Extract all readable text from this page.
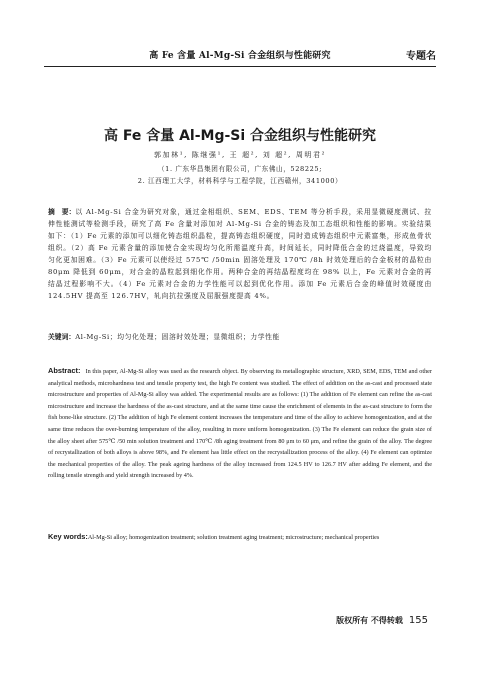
高 Fe 含量 Al-Mg-Si 合金组织与性能研究	专题名
高 Fe 含量 Al-Mg-Si 合金组织与性能研究
郭加林¹, 陈继强¹, 王 超², 刘 超², 周明君²
（1. 广东华昌集团有限公司，广东佛山，528225;
2. 江西理工大学，材料科学与工程学院，江西赣州，341000）
摘　要：以 Al-Mg-Si 合金为研究对象，通过金相组织、SEM、EDS、TEM 等分析手段，采用显微硬度测试、拉伸性能测试等检测手段，研究了高 Fe 含量对添加对 Al-Mg-Si 合金的铸态及加工态组织和性能的影响。实验结果如下：（1）Fe 元素的添加可以细化铸态组织晶粒，提高铸态组织硬度，同时造成铸态组织中元素富集，形成鱼骨状组织。（2）高 Fe 元素含量的添加使合金实现均匀化所需温度升高，时间延长，同时降低合金的过烧温度，导致均匀化更加困难。（3）Fe 元素可以使经过 575℃ /50min 固溶处理及 170℃ /8h 时效处理后的合金板材的晶粒由 80μm 降低到 60μm，对合金的晶粒起到细化作用。两种合金的再结晶程度均在 98% 以上，Fe 元素对合金的再结晶过程影响不大。（4）Fe 元素对合金的力学性能可以起到优化作用。添加 Fe 元素后合金的峰值时效硬度由 124.5HV 提高至 126.7HV，轧向抗拉强度及屈服强度提高 4%。
关键词：Al-Mg-Si；均匀化处理；固溶时效处理；显微组织；力学性能
Abstract: In this paper, Al-Mg-Si alloy was used as the research object. By observing its metallographic structure, XRD, SEM, EDS, TEM and other analytical methods, microhardness test and tensile property test, the high Fe content was studied. The effect of addition on the as-cast and processed state microstructure and properties of Al-Mg-Si alloy was added. The experimental results are as follows: (1) The addition of Fe element can refine the as-cast microstructure and increase the hardness of the as-cast structure, and at the same time cause the enrichment of elements in the as-cast structure to form the fish bone-like structure. (2) The addition of high Fe element content increases the temperature and time of the alloy to achieve homogenization, and at the same time reduces the over-burning temperature of the alloy, resulting in more uniform homogenization. (3) The Fe element can reduce the grain size of the alloy sheet after 575℃ /50 min solution treatment and 170℃ /8h aging treatment from 80 μm to 60 μm, and refine the grain of the alloy. The degree of recrystallization of both alloys is above 98%, and Fe element has little effect on the recrystallization process of the alloy. (4) Fe element can optimize the mechanical properties of the alloy. The peak ageing hardness of the alloy increased from 124.5 HV to 126.7 HV after adding Fe element, and the rolling tensile strength and yield strength increased by 4%.
Key words:Al-Mg-Si alloy; homogenization treatment; solution treatment aging treatment; microstructure; mechanical properties
版权所有 不得转载 155
